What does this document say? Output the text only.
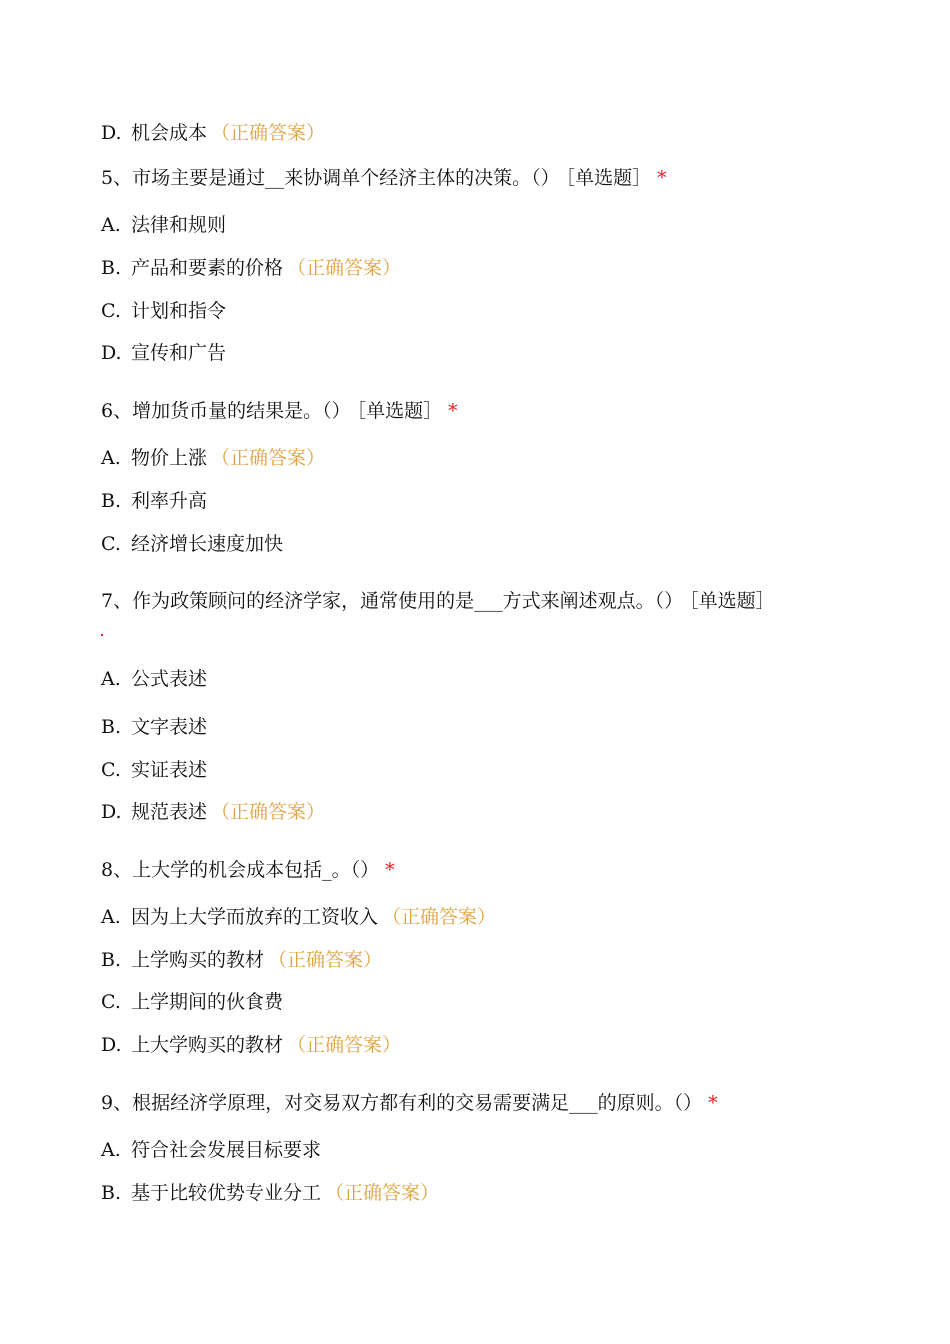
D. 机会成本 （正确答案）
5、市场主要是通过__来协调单个经济主体的决策。（） ［单选题］ *
A. 法律和规则
B. 产品和要素的价格 （正确答案）
C. 计划和指令
D. 宣传和广告
6、增加货币量的结果是。（） ［单选题］ *
A. 物价上涨 （正确答案）
B. 利率升高
C. 经济增长速度加快
7、作为政策顾问的经济学家，通常使用的是___方式来阐述观点。（） ［单选题］
A. 公式表述
B. 文字表述
C. 实证表述
D. 规范表述 （正确答案）
8、上大学的机会成本包括_。（） *
A. 因为上大学而放弃的工资收入 （正确答案）
B. 上学购买的教材 （正确答案）
C. 上学期间的伙食费
D. 上大学购买的教材 （正确答案）
9、根据经济学原理，对交易双方都有利的交易需要满足___的原则。（） *
A. 符合社会发展目标要求
B. 基于比较优势专业分工 （正确答案）
